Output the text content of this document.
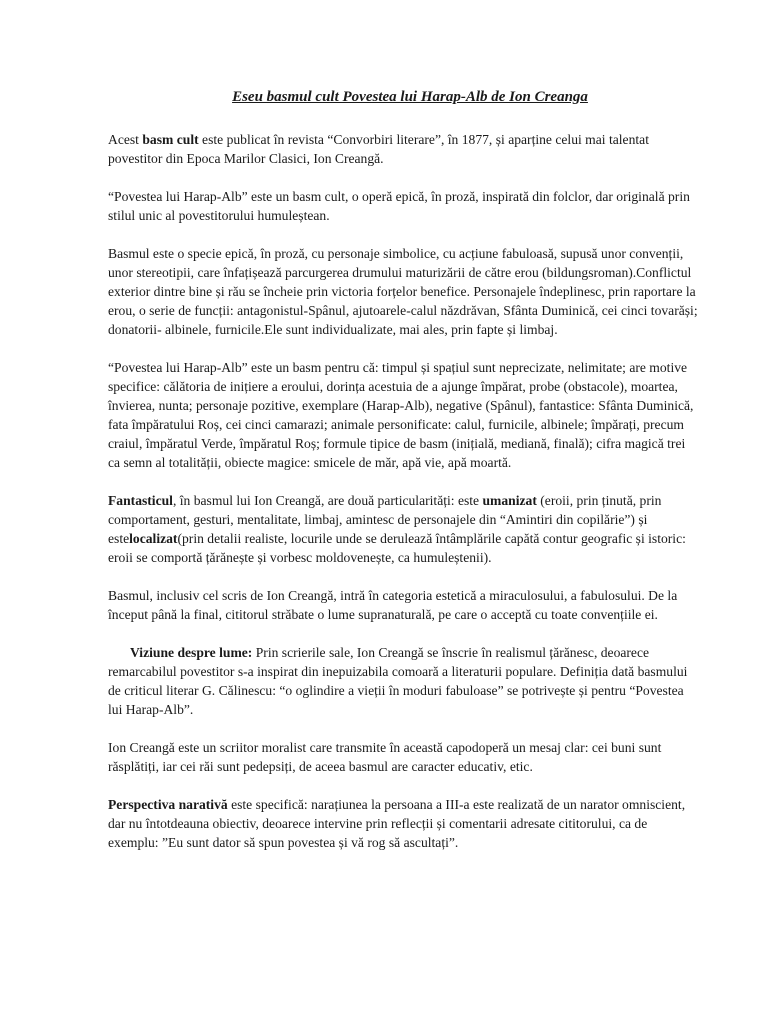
Eseu basmul cult Povestea lui Harap-Alb de Ion Creanga

Acest basm cult este publicat în revista “Convorbiri literare”, în 1877, și aparține celui mai talentat povestitor din Epoca Marilor Clasici, Ion Creangă.

“Povestea lui Harap-Alb” este un basm cult, o operă epică, în proză, inspirată din folclor, dar originală prin stilul unic al povestitorului humuleștean.

Basmul este o specie epică, în proză, cu personaje simbolice, cu acțiune fabuloasă, supusă unor convenții, unor stereotipii, care înfațișează parcurgerea drumului maturizării de către erou (bildungsroman).Conflictul exterior dintre bine și rău se încheie prin victoria forțelor benefice. Personajele îndeplinesc, prin raportare la erou, o serie de funcții: antagonistul-Spânul, ajutoarele-calul năzdrăvan, Sfânta Duminică, cei cinci tovarăși; donatorii- albinele, furnicile.Ele sunt individualizate, mai ales, prin fapte și limbaj.

“Povestea lui Harap-Alb” este un basm pentru că: timpul și spațiul sunt neprecizate, nelimitate; are motive specifice: călătoria de inițiere a eroului, dorința acestuia de a ajunge împărat, probe (obstacole), moartea, învierea, nunta; personaje pozitive, exemplare (Harap-Alb), negative (Spânul), fantastice: Sfânta Duminică, fata împăratului Roș, cei cinci camarazi; animale personificate: calul, furnicile, albinele; împărați, precum craiul, împăratul Verde, împăratul Roș; formule tipice de basm (inițială, mediană, finală); cifra magică trei ca semn al totalității, obiecte magice: smicele de măr, apă vie, apă moartă.

Fantasticul, în basmul lui Ion Creangă, are două particularități: este umanizat (eroii, prin ținută, prin comportament, gesturi, mentalitate, limbaj, amintesc de personajele din “Amintiri din copilărie”) și estelocalizat(prin detalii realiste, locurile unde se derulează întâmplările capătă contur geografic și istoric: eroii se comportă țărănește și vorbesc moldovenește, ca humuleștenii).

Basmul, inclusiv cel scris de Ion Creangă, intră în categoria estetică a miraculosului, a fabulosului. De la început până la final, cititorul străbate o lume supranaturală, pe care o acceptă cu toate convențiile ei.

Viziune despre lume: Prin scrierile sale, Ion Creangă se înscrie în realismul țărănesc, deoarece remarcabilul povestitor s-a inspirat din inepuizabila comoară a literaturii populare. Definiția dată basmului de criticul literar G. Călinescu: “o oglindire a vieții în moduri fabuloase” se potrivește și pentru “Povestea lui Harap-Alb”.

Ion Creangă este un scriitor moralist care transmite în această capodoperă un mesaj clar: cei buni sunt răsplătiți, iar cei răi sunt pedepsiți, de aceea basmul are caracter educativ, etic.

Perspectiva narativă este specifică: narațiunea la persoana a III-a este realizată de un narator omniscient, dar nu întotdeauna obiectiv, deoarece intervine prin reflecții și comentarii adresate cititorului, ca de exemplu: ”Eu sunt dator să spun povestea și vă rog să ascultați”.
